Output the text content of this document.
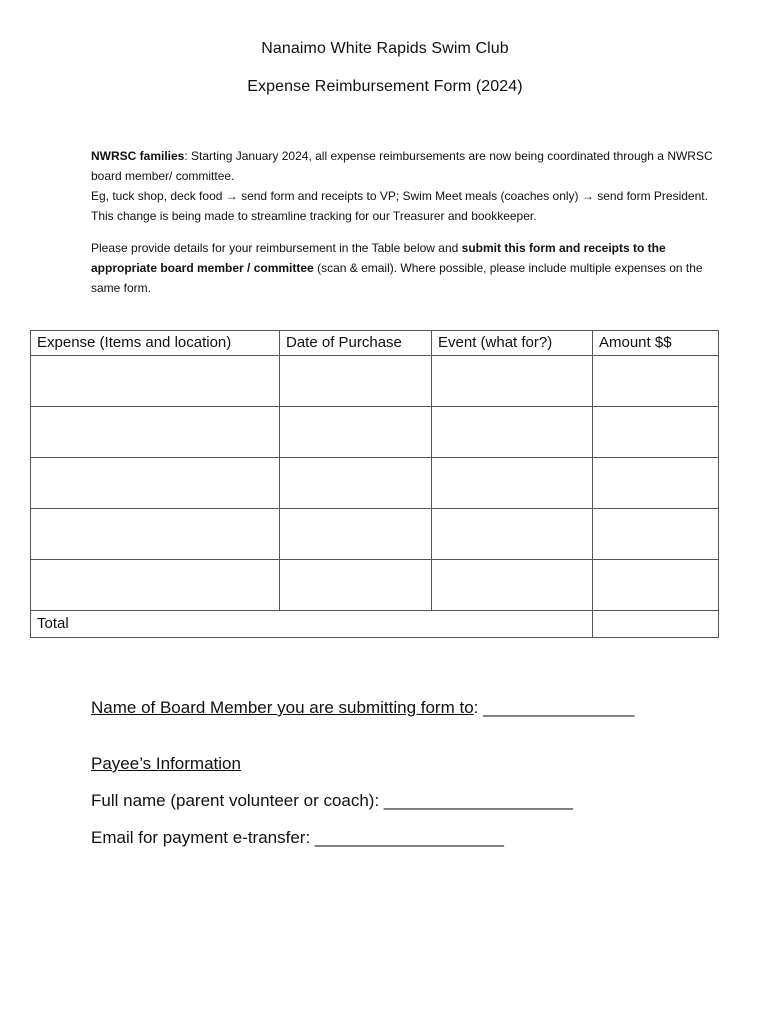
Nanaimo White Rapids Swim Club
Expense Reimbursement Form (2024)
NWRSC families: Starting January 2024, all expense reimbursements are now being coordinated through a NWRSC board member/ committee.
Eg, tuck shop, deck food → send form and receipts to VP; Swim Meet meals (coaches only) → send form President. This change is being made to streamline tracking for our Treasurer and bookkeeper.
Please provide details for your reimbursement in the Table below and submit this form and receipts to the appropriate board member / committee (scan & email). Where possible, please include multiple expenses on the same form.
Expense (Items and location)	Date of Purchase	Event (what for?)	Amount $$

Total			
Name of Board Member you are submitting form to: ________________
Payee’s Information
Full name (parent volunteer or coach): ____________________
Email for payment e-transfer: ____________________
